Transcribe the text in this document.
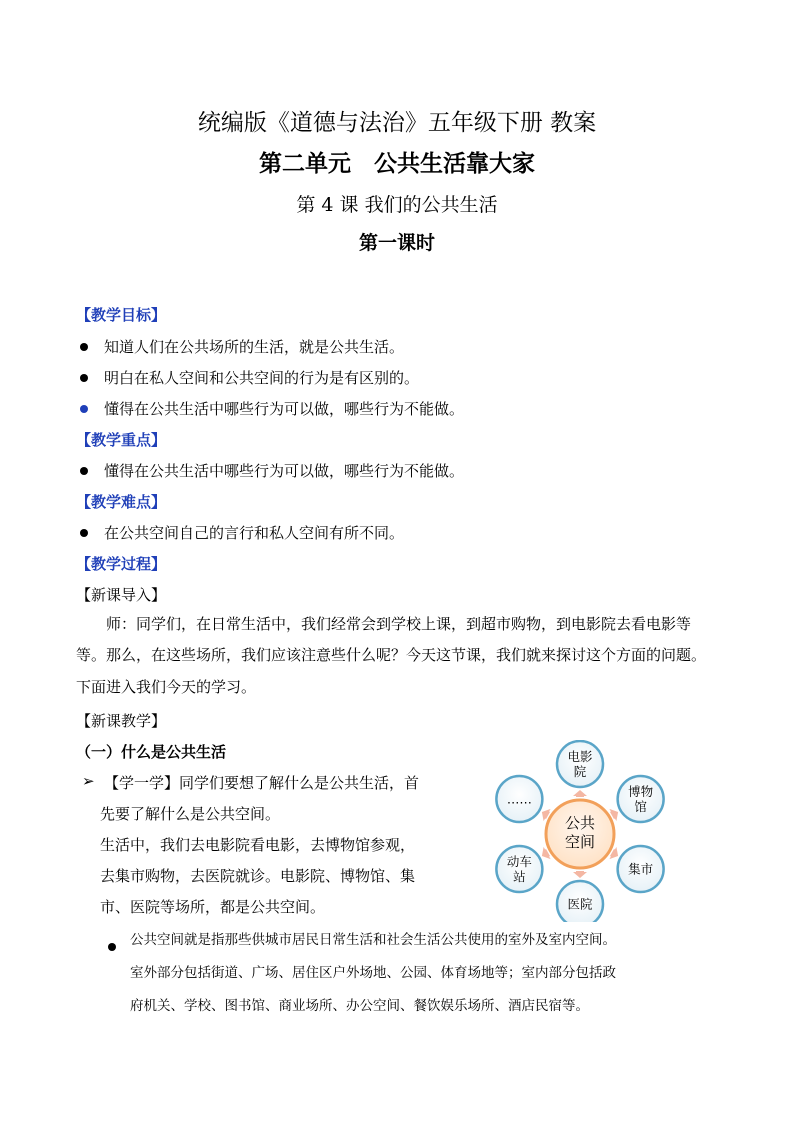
统编版《道德与法治》五年级下册 教案
第二单元　公共生活靠大家
第 4 课 我们的公共生活
第一课时
【教学目标】
知道人们在公共场所的生活，就是公共生活。
明白在私人空间和公共空间的行为是有区别的。
懂得在公共生活中哪些行为可以做，哪些行为不能做。
【教学重点】
懂得在公共生活中哪些行为可以做，哪些行为不能做。
【教学难点】
在公共空间自己的言行和私人空间有所不同。
【教学过程】
【新课导入】
师：同学们，在日常生活中，我们经常会到学校上课，到超市购物，到电影院去看电影等
等。那么，在这些场所，我们应该注意些什么呢？今天这节课，我们就来探讨这个方面的问题。
下面进入我们今天的学习。
【新课教学】
（一）什么是公共生活
➢ 【学一学】同学们要想了解什么是公共生活，首
先要了解什么是公共空间。
生活中，我们去电影院看电影，去博物馆参观，
去集市购物，去医院就诊。电影院、博物馆、集
市、医院等场所，都是公共空间。
公共空间就是指那些供城市居民日常生活和社会生活公共使用的室外及室内空间。
室外部分包括街道、广场、居住区户外场地、公园、体育场地等；室内部分包括政
府机关、学校、图书馆、商业场所、办公空间、餐饮娱乐场所、酒店民宿等。
电影
院
博物
馆
集市
医院
动车
站
……
公共
空间
